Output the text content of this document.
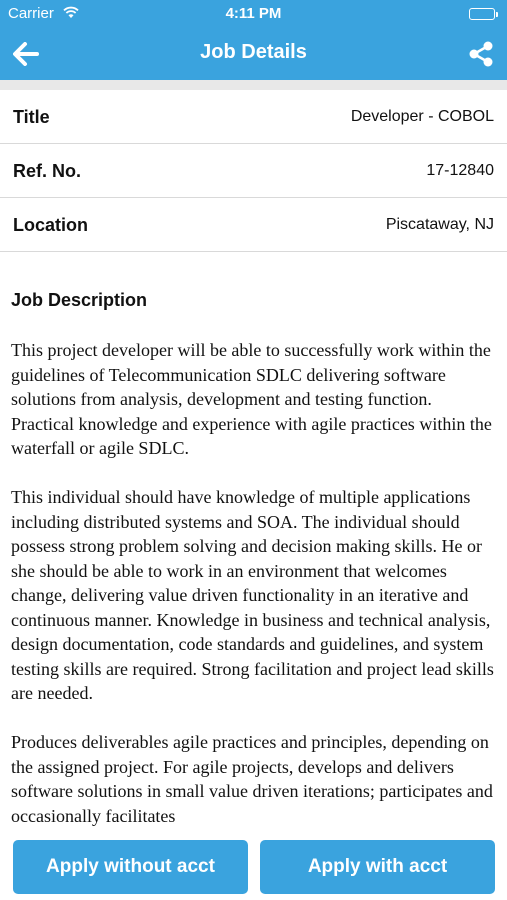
Carrier	4:11 PM
Job Details
Title	Developer - COBOL
Ref. No.	17-12840
Location	Piscataway, NJ
Job Description

This project developer will be able to successfully work within the guidelines of Telecommunication SDLC delivering software solutions from analysis, development and testing function. Practical knowledge and experience with agile practices within the waterfall or agile SDLC.

This individual should have knowledge of multiple applications including distributed systems and SOA. The individual should possess strong problem solving and decision making skills. He or she should be able to work in an environment that welcomes change, delivering value driven functionality in an iterative and continuous manner. Knowledge in business and technical analysis, design documentation, code standards and guidelines, and system testing skills are required. Strong facilitation and project lead skills are needed.

Produces deliverables agile practices and principles, depending on the assigned project. For agile projects, develops and delivers software solutions in small value driven iterations; participates and occasionally facilitates

Apply without acct	Apply with acct
